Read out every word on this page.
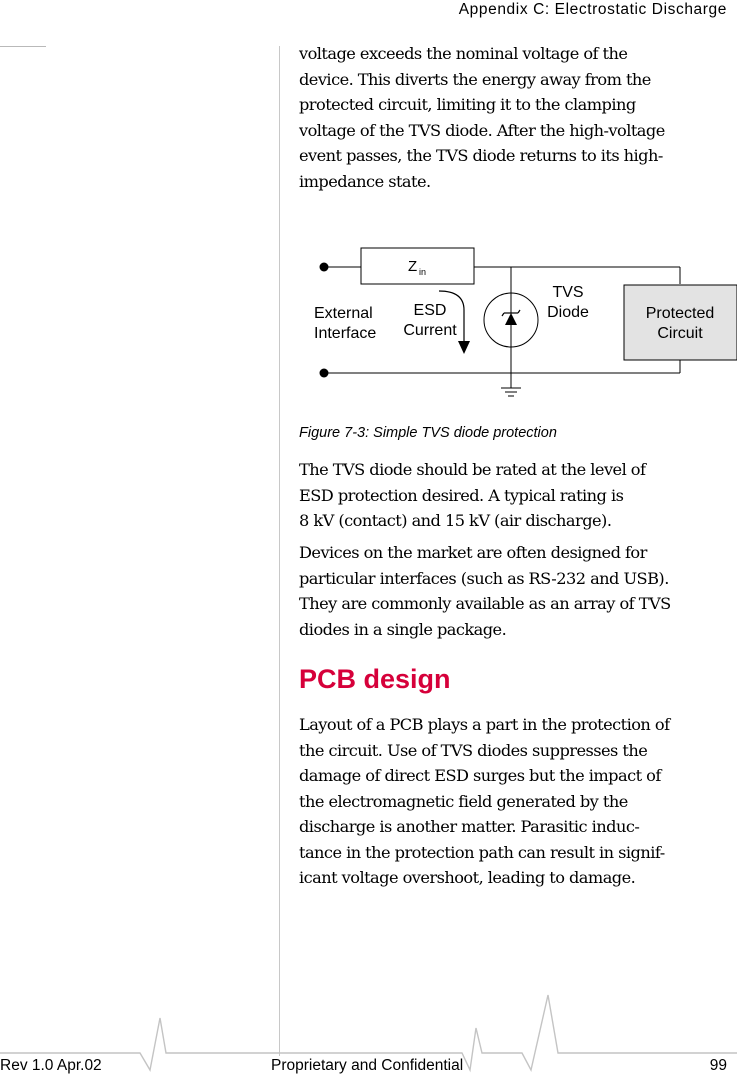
Appendix C: Electrostatic Discharge
voltage exceeds the nominal voltage of the
device. This diverts the energy away from the
protected circuit, limiting it to the clamping
voltage of the TVS diode. After the high-voltage
event passes, the TVS diode returns to its high-
impedance state.
Z in
Protected
Circuit
External
Interface
ESD
Current
TVS
Diode
Figure 7-3: Simple TVS diode protection
The TVS diode should be rated at the level of
ESD protection desired. A typical rating is
8 kV (contact) and 15 kV (air discharge).
Devices on the market are often designed for
particular interfaces (such as RS-232 and USB).
They are commonly available as an array of TVS
diodes in a single package.
PCB design
Layout of a PCB plays a part in the protection of
the circuit. Use of TVS diodes suppresses the
damage of direct ESD surges but the impact of
the electromagnetic field generated by the
discharge is another matter. Parasitic induc-
tance in the protection path can result in signif-
icant voltage overshoot, leading to damage.
Rev 1.0 Apr.02	Proprietary and Confidential	99
